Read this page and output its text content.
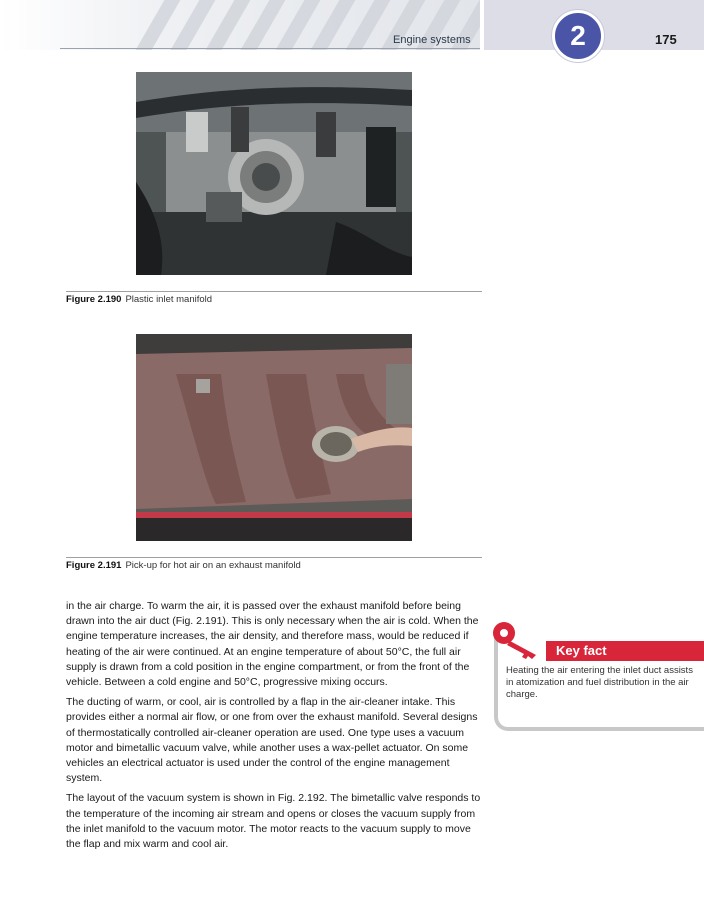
Engine systems	2	175
Figure 2.190 Plastic inlet manifold
Figure 2.191 Pick-up for hot air on an exhaust manifold

in the air charge. To warm the air, it is passed over the exhaust manifold before being drawn into the air duct (Fig. 2.191). This is only necessary when the air is cold. When the engine temperature increases, the air density, and therefore mass, would be reduced if heating of the air were continued. At an engine temperature of about 50°C, the full air supply is drawn from a cold position in the engine compartment, or from the front of the vehicle. Between a cold engine and 50°C, progressive mixing occurs.

The ducting of warm, or cool, air is controlled by a flap in the air-cleaner intake. This provides either a normal air flow, or one from over the exhaust manifold. Several designs of thermostatically controlled air-cleaner operation are used. One type uses a vacuum motor and bimetallic vacuum valve, while another uses a wax-pellet actuator. On some vehicles an electrical actuator is used under the control of the engine management system.

The layout of the vacuum system is shown in Fig. 2.192. The bimetallic valve responds to the temperature of the incoming air stream and opens or closes the vacuum supply from the inlet manifold to the vacuum motor. The motor reacts to the vacuum supply to move the flap and mix warm and cool air.

Key fact
Heating the air entering the inlet duct assists in atomization and fuel distribution in the air charge.
